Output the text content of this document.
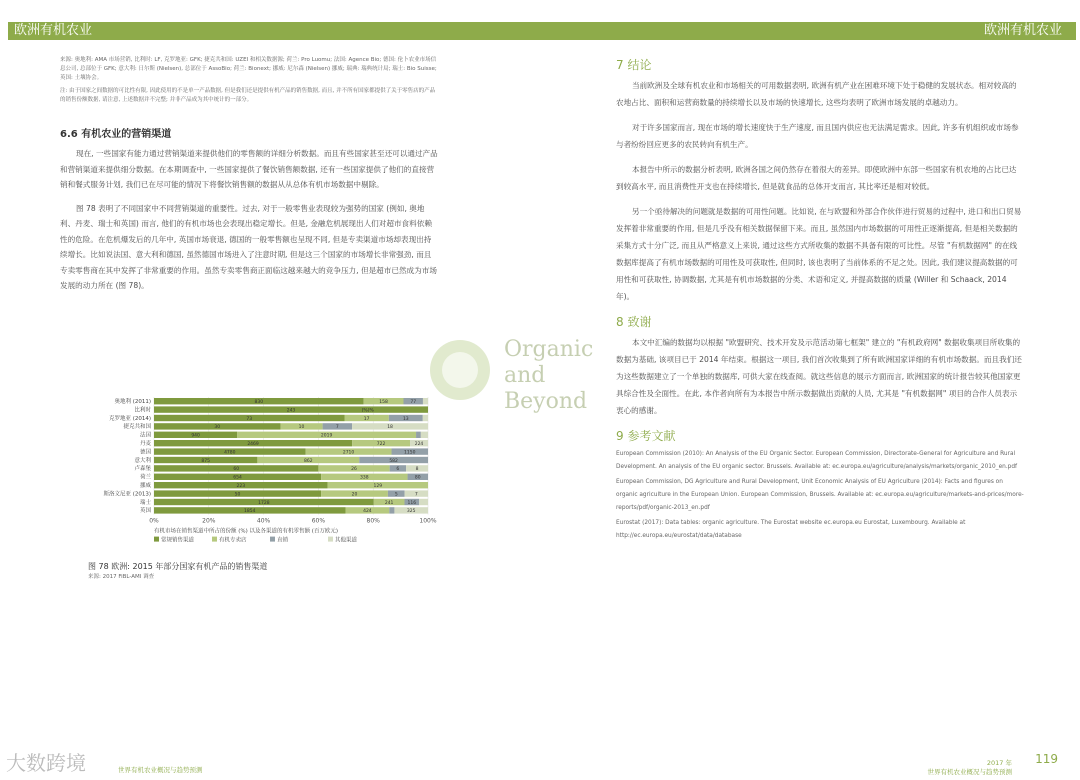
欧洲有机农业	欧洲有机农业

来源: 奥地利: AMA 市场营销, 比利时: LF, 克罗地亚: GFK; 捷克共和国: UZEI 和相关数据源; 荷兰: Pro Luomu; 法国: Agence Bio; 德国: 伦卜农业市场信息公司, 总部位于 GFK; 意大利: 日尔斯 (Nielsen), 总部位于 AssoBio; 荷兰: Bionext; 挪威: 尼尔森 (Nielsen) 挪威; 瑞典: 瑞典统计局; 瑞士: Bio Suisse; 英国: 土壤协会。

注: 由于国家之间数据的可比性有限, 因此使用的不是单一产品数据, 但是我们还是提供有机产品的销售数据, 而且, 并不所有国家都提供了关于零售店的产品的销售份额数据, 请注意, 上述数据并不完整; 并非产品成为其中统计的一部分。

6.6 有机农业的营销渠道

现在, 一些国家有能力通过营销渠道来提供他们的零售额的详细分析数据。而且有些国家甚至还可以通过产品和营销渠道来提供细分数据。在本期调查中, 一些国家提供了餐饮销售额数据, 还有一些国家提供了他们的直接营销和餐式服务计划, 我们已在尽可能的情况下将餐饮销售额的数据从从总体有机市场数据中剔除。

图 78 表明了不同国家中不同营销渠道的重要性。过去, 对于一般零售业表现较为强势的国家 (例如, 奥地利、丹麦、瑞士和英国) 而言, 他们的有机市场也会表现出稳定增长。但是, 金融危机展现出人们对超市食料依赖性的危险。在危机爆发后的几年中, 英国市场衰退, 德国的一般零售额也呈现不同, 但是专卖渠道市场却表现出持续增长。比如说法国、意大利和德国, 虽然德国市场进入了注意时期, 但是这三个国家的市场增长非常强劲, 而且专卖零售商在其中发挥了非常重要的作用。虽然专卖零售商正面临这越来越大的竞争压力, 但是超市已然成为市场发展的动力所在 (图 78)。

0%	20%	40%	60%	80%	100%
奥地利 (2011)	830	158	77
比利时	243
克罗地亚 (2014)	73	17	13
捷克共和国	30	10	7	18
法国	940	2019
丹麦	2469	722	224
德国	4780	2710	1150
意大利	875	862	582
卢森堡	60	26	6	8
荷兰	654	338	80
挪威	223	129
斯洛文尼亚 (2013)	50	20	5	7
瑞士	1728	241	116
英国	1854	424	325
(%)%
有机市场在销售渠道中所占的份额 (%) 以及各渠道的有机零售额 (百万欧元)
常规销售渠道	有机专卖店	直销	其他渠道
图 78 欧洲: 2015 年部分国家有机产品的销售渠道
来源: 2017 FiBL-AMI 调查
Organic
and
Beyond
7 结论

当前欧洲及全球有机农业和市场相关的可用数据表明, 欧洲有机产业在困难环境下处于稳健的发展状态。相对较高的农地占比、面积和运营商数量的持续增长以及市场的快速增长, 这些均表明了欧洲市场发展的卓越动力。

对于许多国家而言, 现在市场的增长速度快于生产速度, 而且国内供应也无法满足需求。因此, 许多有机组织或市场参与者纷纷回应更多的农民转向有机生产。

本报告中所示的数据分析表明, 欧洲各国之间仍然存在着很大的差异。即使欧洲中东部一些国家有机农地的占比已达到较高水平, 而且消费性开支也在持续增长, 但是就食品的总体开支而言, 其比率还是相对较低。

另一个亟待解决的问题就是数据的可用性问题。比如说, 在与欧盟和外部合作伙伴进行贸易的过程中, 进口和出口贸易发挥着非常重要的作用, 但是几乎没有相关数据保留下来。而且, 虽然国内市场数据的可用性正逐渐提高, 但是相关数据的采集方式十分广泛, 而且从严格意义上来说, 通过这些方式所收集的数据不具备有限的可比性。尽管 "有机数据网" 的在线数据库提高了有机市场数据的可用性及可获取性, 但同时, 该也表明了当前体系的不足之处。因此, 我们建议提高数据的可用性和可获取性, 协调数据, 尤其是有机市场数据的分类、术语和定义, 并提高数据的质量 (Willer 和 Schaack, 2014 年)。

8 致谢

本文中汇编的数据均以根据 "欧盟研究、技术开发及示范活动第七框架" 建立的 "有机政府网" 数据收集项目所收集的数据为基础, 该项目已于 2014 年结束。根据这一项目, 我们首次收集到了所有欧洲国家详细的有机市场数据。而且我们还为这些数据建立了一个单独的数据库, 可供大家在线查阅。就这些信息的展示方面而言, 欧洲国家的统计报告较其他国家更具综合性及全面性。在此, 本作者向所有为本报告中所示数据做出贡献的人员, 尤其是 "有机数据网" 项目的合作人员表示衷心的感谢。

9 参考文献

European Commission (2010): An Analysis of the EU Organic Sector. European Commission, Directorate-General for Agriculture and Rural Development. An analysis of the EU organic sector. Brussels. Available at: ec.europa.eu/agriculture/analysis/markets/organic_2010_en.pdf

European Commission, DG Agriculture and Rural Development, Unit Economic Analysis of EU Agriculture (2014): Facts and figures on organic agriculture in the European Union. European Commission, Brussels. Available at: ec.europa.eu/agriculture/markets-and-prices/more-reports/pdf/organic-2013_en.pdf

Eurostat (2017): Data tables: organic agriculture. The Eurostat website ec.europa.eu Eurostat, Luxembourg. Available at http://ec.europa.eu/eurostat/data/database

大数跨境	世界有机农业概况与趋势预测
2017 年
世界有机农业概况与趋势预测
119
